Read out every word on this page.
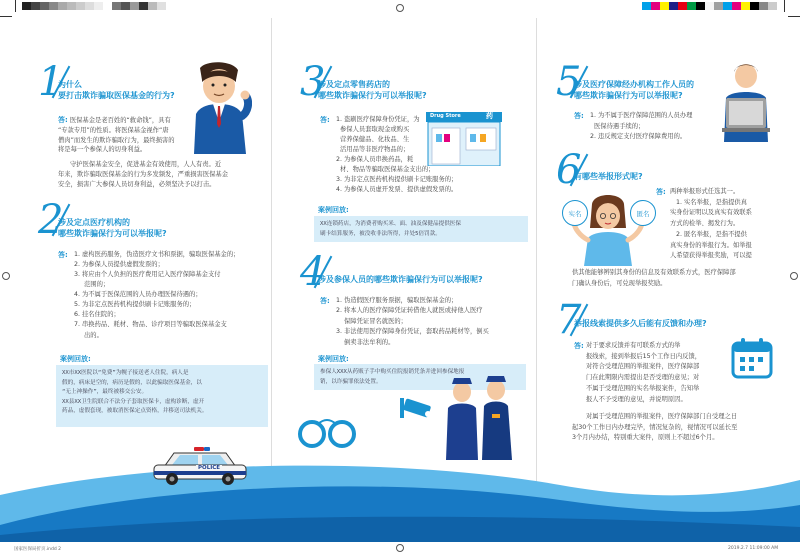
1
为什么
要打击欺诈骗取医保基金的行为?
答: 医保基金是老百姓的“救命钱”，具有
“专款专用”的性质。将医保基金视作“唐
僧肉”而发生的欺诈骗取行为，最终损害的
将是每一个参保人的切身利益。
守护医保基金安全，促进基金有效使用，人人有责。近
年来，欺诈骗取医保基金的行为多发频发，严重损害医保基金
安全，损害广大参保人员切身利益，必须坚决予以打击。
2
涉及定点医疗机构的
哪些欺诈骗保行为可以举报呢?
答: 1. 虚构医药服务，伪造医疗文书和票据，骗取医保基金的；
2. 为参保人员提供虚假发票的；
3. 将应由个人负担的医疗费用记入医疗保障基金支付
范围的；
4. 为不属于医保范围的人员办理医保待遇的；
5. 为非定点医药机构提供刷卡记账服务的；
6. 挂名住院的；
7. 串换药品、耗材、物品、诊疗项目等骗取医保基金支
出的。
案例回放:
XX市XX医院以“免费”为幌子接送老人住院，病人是
假的，病床是空的，病历是假的，以此骗取医保基金，以
“无上神操作”，最终被移交公安。
XX县XX卫生院联合不法分子套取医保卡，虚构诊断，虚开
药品，虚假套现，被取消医保定点资格，并移送司法机关。
POLICE
3
涉及定点零售药店的
哪些欺诈骗保行为可以举报呢?
答: 1. 盗刷医疗保障身份凭证，为
参保人员套取现金或购买
营养保健品、化妆品、生
活用品等非医疗物品的；
2. 为参保人员串换药品，耗
材、物品等骗取医保基金支出的；
3. 为非定点医药机构提供刷卡记账服务的；
4. 为参保人员虚开发票、提供虚假发票的。
Drug Store	药
案例回放:
XX连锁药店，为消费者购买米、面、油及保健品提供医保
刷卡结算服务，被没收非法所得，并处5倍罚款。
4
涉及参保人员的哪些欺诈骗保行为可以举报呢?
答: 1. 伪造假医疗服务票据，骗取医保基金的；
2. 将本人的医疗保障凭证转借他人就医或持他人医疗
保障凭证冒名就医的；
3. 非法使用医疗保障身份凭证，套取药品耗材等，倒买
倒卖非法牟利的。
案例回放:
参保人XXX从药贩子手中购买住院报销凭条并进回参保地报
销，以诈骗罪依法处置。
5
涉及医疗保障经办机构工作人员的
哪些欺诈骗保行为可以举报呢?
答: 1. 为不属于医疗保障范围的人员办理
医保待遇手续的；
2. 违反规定支付医疗保障费用的。
6
有哪些举报形式呢?
实名	匿名
答: 两种举报形式任选其一。
1. 实名举报，是指提供真
实身份证明以及真实有效联系
方式的检举、揭发行为。
2. 匿名举报，是指不提供
真实身份的举报行为。如举报
人希望获得举报奖励，可以提
供其他能够辨别其身份的信息及有效联系方式，医疗保障部
门确认身份后，可兑现举报奖励。
7
举报线索提供多久后能有反馈和办理?
答: 对于要求反馈并有可联系方式的举
报线索，接到举报后15个工作日内反馈，
对符合受理范围的举报案件，医疗保障部
门在此期限内需提出是否受理的意见；对
不属于受理范围的实名举报案件，告知举
报人不予受理的意见，并说明原因。
对属于受理范围的举报案件，医疗保障部门自受理之日
起30个工作日内办理完毕，情况复杂的，视情况可以延长至
3个月内办结，特别重大案件，原则上不超过6个月。
国家医保局折页.indd 2	2019.2.7 11:09:00 AM
